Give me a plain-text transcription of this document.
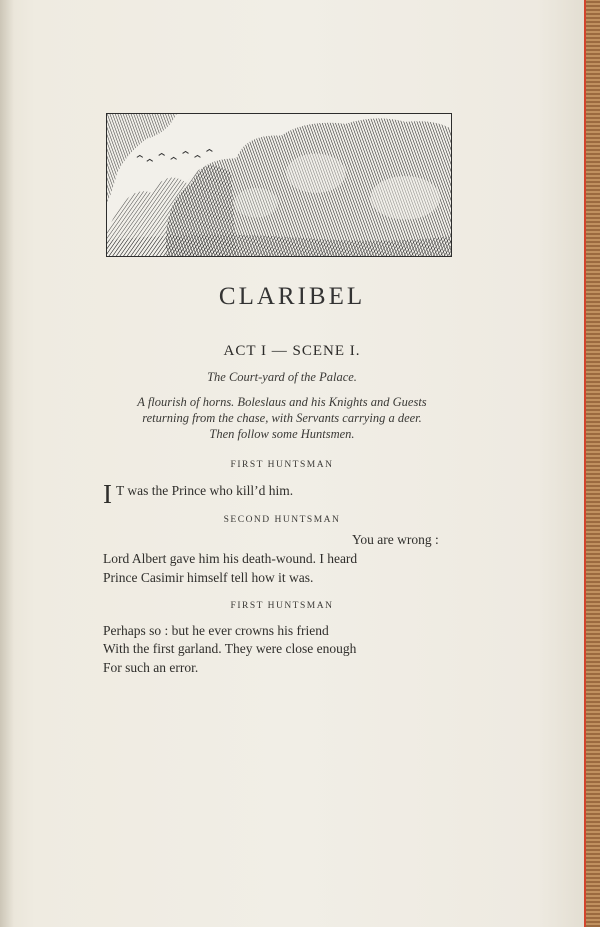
CLARIBEL
ACT I — SCENE I.
The Court-yard of the Palace.
A flourish of horns. Boleslaus and his Knights and Guests
returning from the chase, with Servants carrying a deer.
Then follow some Huntsmen.
FIRST HUNTSMAN
I T was the Prince who kill’d him.
SECOND HUNTSMAN
You are wrong :
Lord Albert gave him his death-wound. I heard
Prince Casimir himself tell how it was.
FIRST HUNTSMAN
Perhaps so : but he ever crowns his friend
With the first garland. They were close enough
For such an error.
